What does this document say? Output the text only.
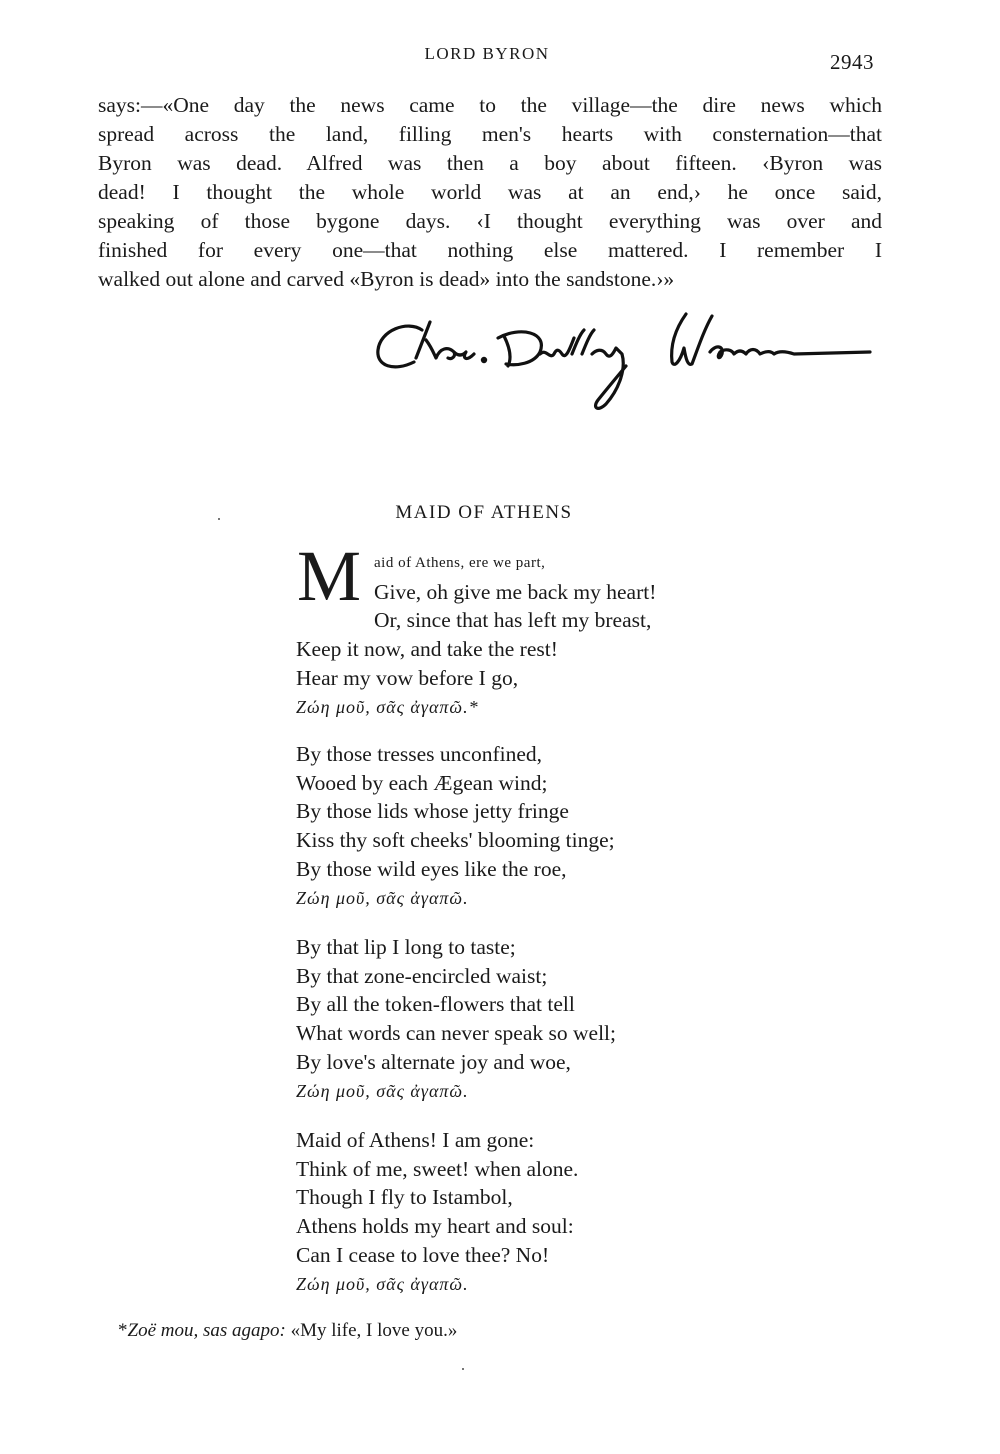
LORD BYRON	2943
says:—«One day the news came to the village—the dire news which
spread across the land, filling men's hearts with consternation—that
Byron was dead. Alfred was then a boy about fifteen. ‹Byron was
dead! I thought the whole world was at an end,› he once said,
speaking of those bygone days. ‹I thought everything was over and
finished for every one—that nothing else mattered. I remember I
walked out alone and carved «Byron is dead» into the sandstone.›»
MAID OF ATHENS
M aid of Athens, ere we part,
Give, oh give me back my heart!
Or, since that has left my breast,
Keep it now, and take the rest!
Hear my vow before I go,
Ζώη μοῦ, σᾶς ἀγαπῶ.*
By those tresses unconfined,
Wooed by each Ægean wind;
By those lids whose jetty fringe
Kiss thy soft cheeks' blooming tinge;
By those wild eyes like the roe,
Ζώη μοῦ, σᾶς ἀγαπῶ.
By that lip I long to taste;
By that zone-encircled waist;
By all the token-flowers that tell
What words can never speak so well;
By love's alternate joy and woe,
Ζώη μοῦ, σᾶς ἀγαπῶ.
Maid of Athens! I am gone:
Think of me, sweet! when alone.
Though I fly to Istambol,
Athens holds my heart and soul:
Can I cease to love thee? No!
Ζώη μοῦ, σᾶς ἀγαπῶ.
*Zoë mou, sas agapo: «My life, I love you.»
